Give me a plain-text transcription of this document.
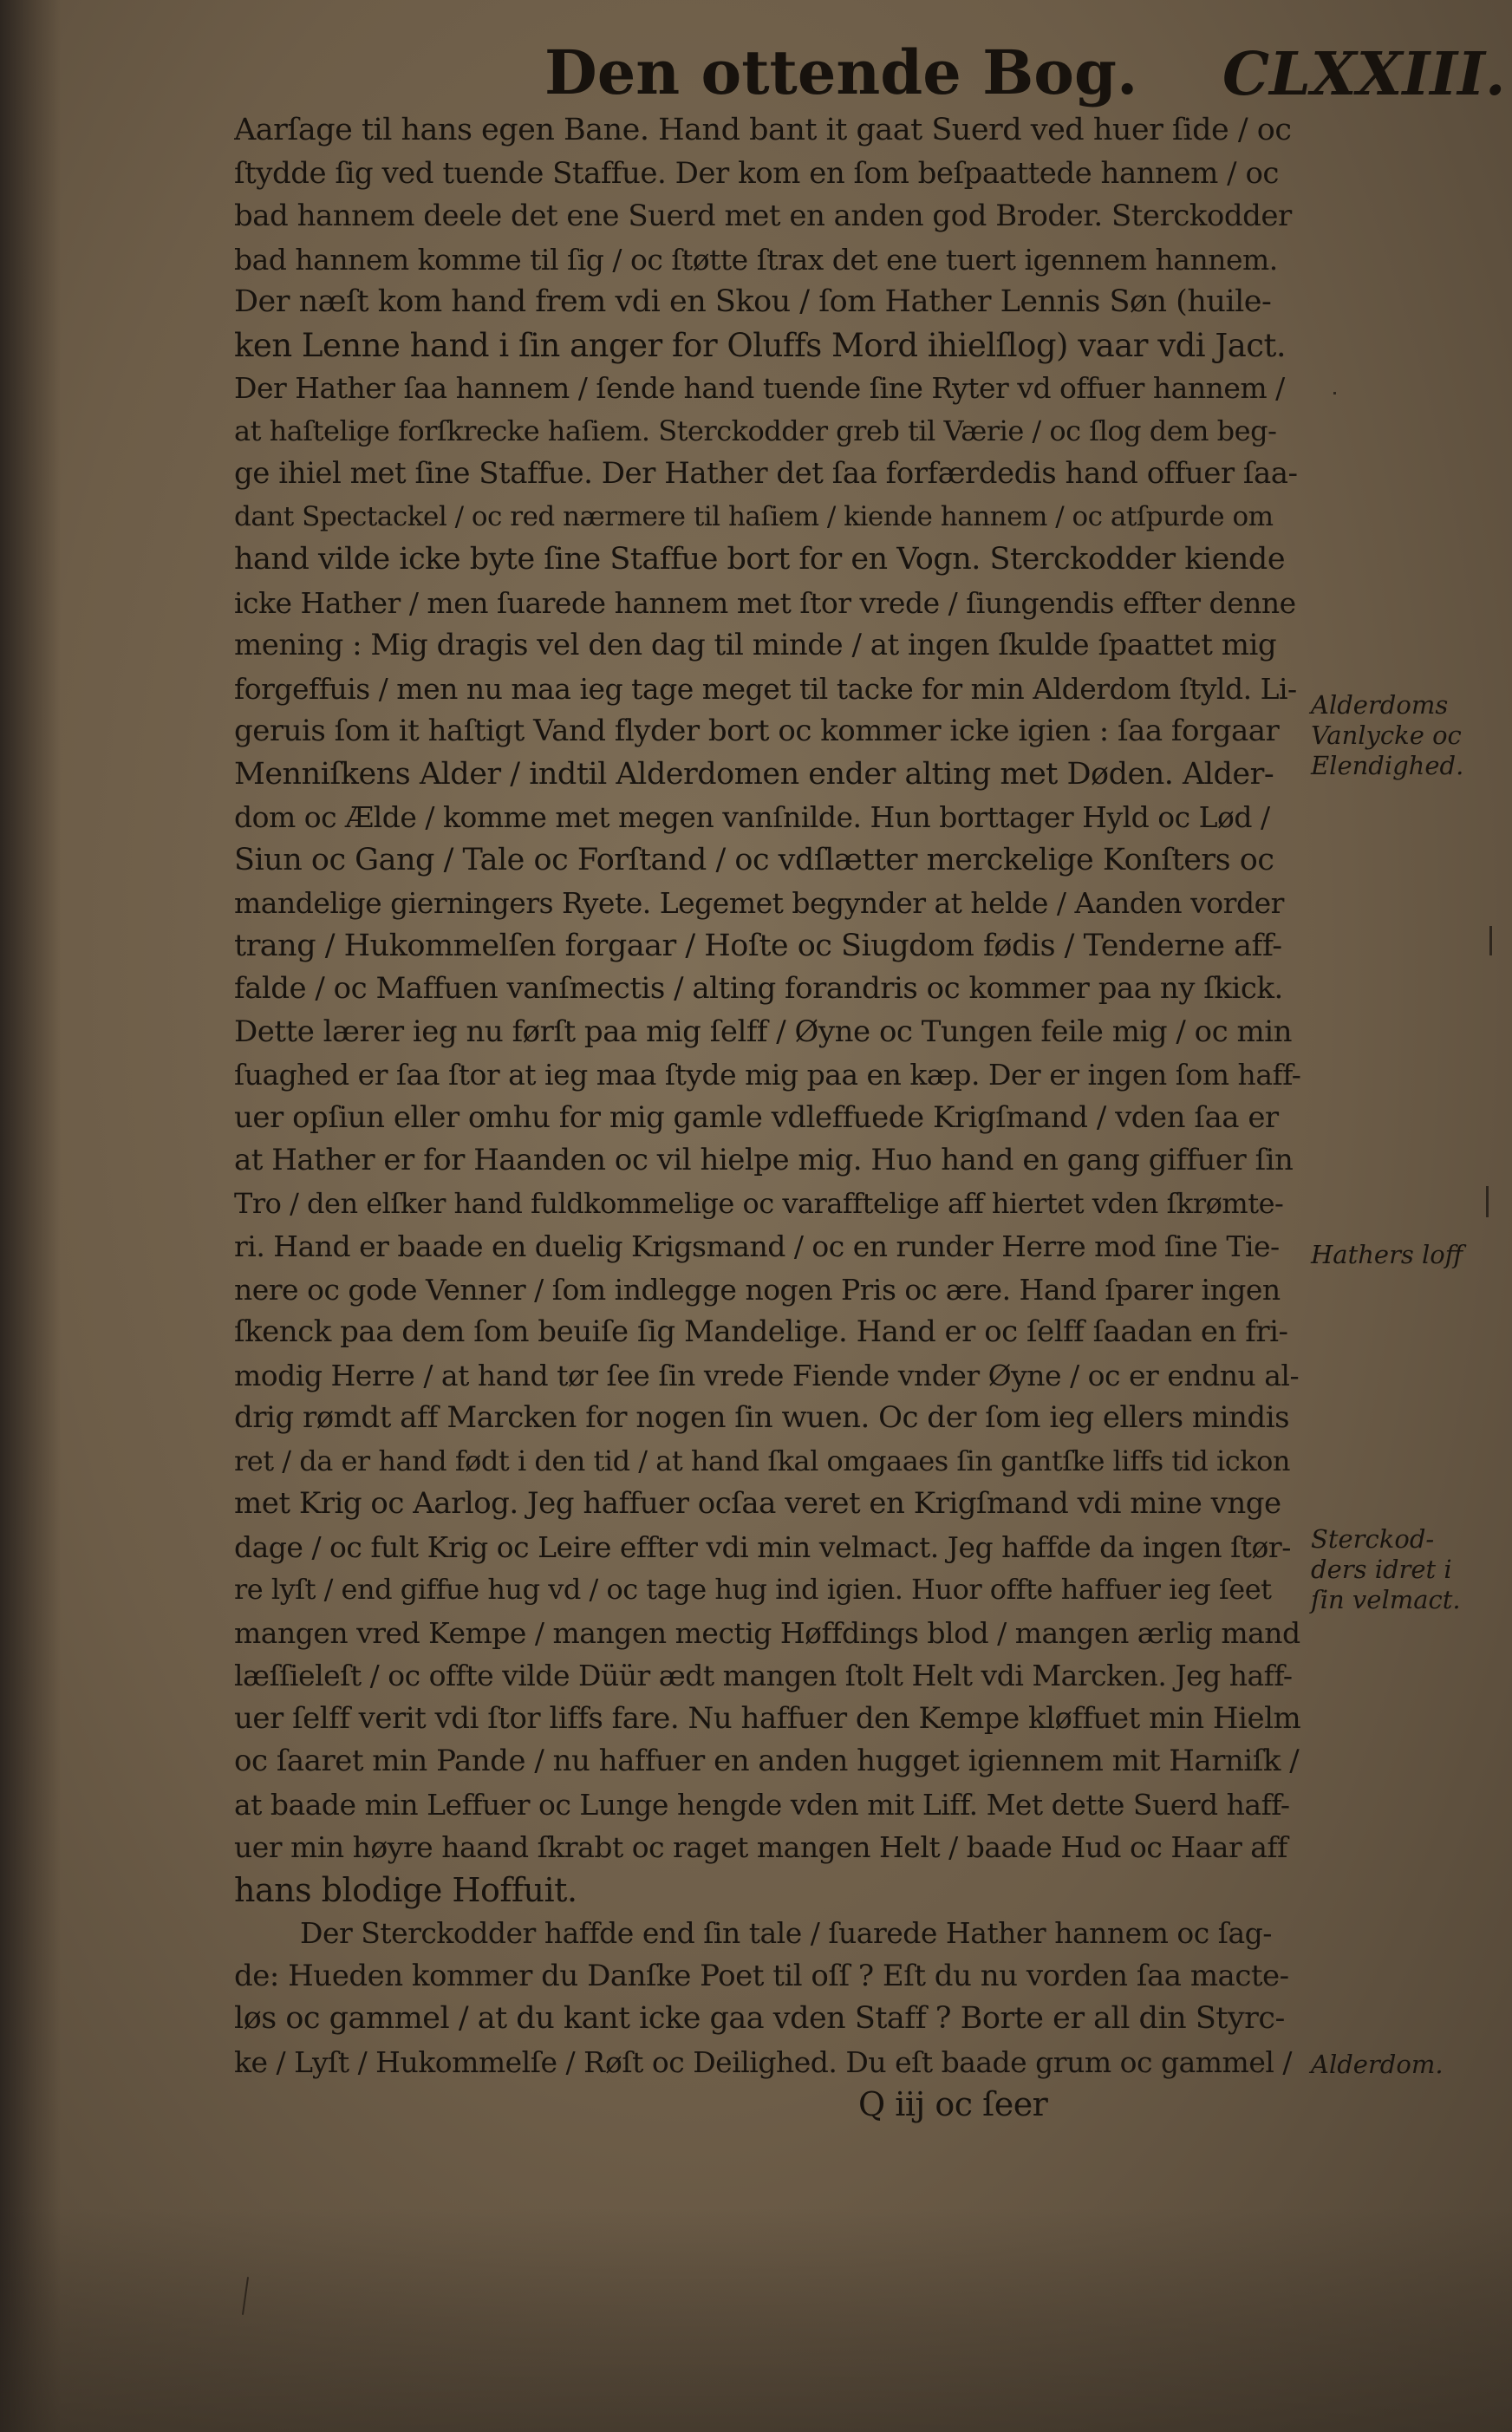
Den ottende Bog. CLXXIII.
Aarſage til hans egen Bane. Hand bant it gaat Suerd ved huer ſide / oc
ſtydde ſig ved tuende Staffue. Der kom en ſom beſpaattede hannem / oc
bad hannem deele det ene Suerd met en anden god Broder. Sterckodder
bad hannem komme til ſig / oc ſtøtte ſtrax det ene tuert igennem hannem.
Der næſt kom hand frem vdi en Skou / ſom Hather Lennis Søn (huile-
ken Lenne hand i ſin anger for Oluffs Mord ihielſlog) vaar vdi Jact.
Der Hather ſaa hannem / ſende hand tuende ſine Ryter vd offuer hannem /
at haſtelige forſkrecke haſiem. Sterckodder greb til Værie / oc ſlog dem beg-
ge ihiel met ſine Staffue. Der Hather det ſaa forfærdedis hand offuer ſaa-
dant Spectackel / oc red nærmere til haſiem / kiende hannem / oc atſpurde om
hand vilde icke byte ſine Staffue bort for en Vogn. Sterckodder kiende
icke Hather / men ſuarede hannem met ſtor vrede / ſiungendis effter denne
mening : Mig dragis vel den dag til minde / at ingen ſkulde ſpaattet mig
forgeffuis / men nu maa ieg tage meget til tacke for min Alderdom ſtyld. Li-
geruis ſom it haſtigt Vand flyder bort oc kommer icke igien : ſaa forgaar
Menniſkens Alder / indtil Alderdomen ender alting met Døden. Alder-
dom oc Ælde / komme met megen vanſnilde. Hun borttager Hyld oc Lød /
Siun oc Gang / Tale oc Forſtand / oc vdſlætter merckelige Konſters oc
mandelige gierningers Ryete. Legemet begynder at helde / Aanden vorder
trang / Hukommelſen forgaar / Hoſte oc Siugdom fødis / Tenderne aff-
falde / oc Maffuen vanſmectis / alting forandris oc kommer paa ny ſkick.
Dette lærer ieg nu førſt paa mig ſelff / Øyne oc Tungen feile mig / oc min
ſuaghed er ſaa ſtor at ieg maa ſtyde mig paa en kæp. Der er ingen ſom haff-
uer opſiun eller omhu for mig gamle vdleffuede Krigſmand / vden ſaa er
at Hather er for Haanden oc vil hielpe mig. Huo hand en gang giffuer ſin
Tro / den elſker hand fuldkommelige oc varafftelige aff hiertet vden ſkrømte-
ri. Hand er baade en duelig Krigsmand / oc en runder Herre mod ſine Tie-
nere oc gode Venner / ſom indlegge nogen Pris oc ære. Hand ſparer ingen
ſkenck paa dem ſom beuiſe ſig Mandelige. Hand er oc ſelff ſaadan en fri-
modig Herre / at hand tør ſee ſin vrede Fiende vnder Øyne / oc er endnu al-
drig rømdt aff Marcken for nogen ſin wuen. Oc der ſom ieg ellers mindis
ret / da er hand født i den tid / at hand ſkal omgaaes ſin gantſke liffs tid ickon
met Krig oc Aarlog. Jeg haffuer ocſaa veret en Krigſmand vdi mine vnge
dage / oc fult Krig oc Leire effter vdi min velmact. Jeg haffde da ingen ſtør-
re lyſt / end giffue hug vd / oc tage hug ind igien. Huor offte haffuer ieg ſeet
mangen vred Kempe / mangen mectig Høffdings blod / mangen ærlig mand
læſſieleſt / oc offte vilde Düür ædt mangen ſtolt Helt vdi Marcken. Jeg haff-
uer ſelff verit vdi ſtor liffs fare. Nu haffuer den Kempe kløffuet min Hielm
oc ſaaret min Pande / nu haffuer en anden hugget igiennem mit Harniſk /
at baade min Leffuer oc Lunge hengde vden mit Liff. Met dette Suerd haff-
uer min høyre haand ſkrabt oc raget mangen Helt / baade Hud oc Haar aff
hans blodige Hoffuit.
Der Sterckodder haffde end ſin tale / ſuarede Hather hannem oc ſag-
de: Hueden kommer du Danſke Poet til oſſ ? Eſt du nu vorden ſaa macte-
løs oc gammel / at du kant icke gaa vden Staff ? Borte er all din Styrc-
ke / Lyſt / Hukommelſe / Røſt oc Deilighed. Du eſt baade grum oc gammel /
Q iij oc ſeer
Alderdoms
Vanlycke oc
Elendighed.
Hathers loff
Sterckod-
ders idret i
ſin velmact.
Alderdom.
